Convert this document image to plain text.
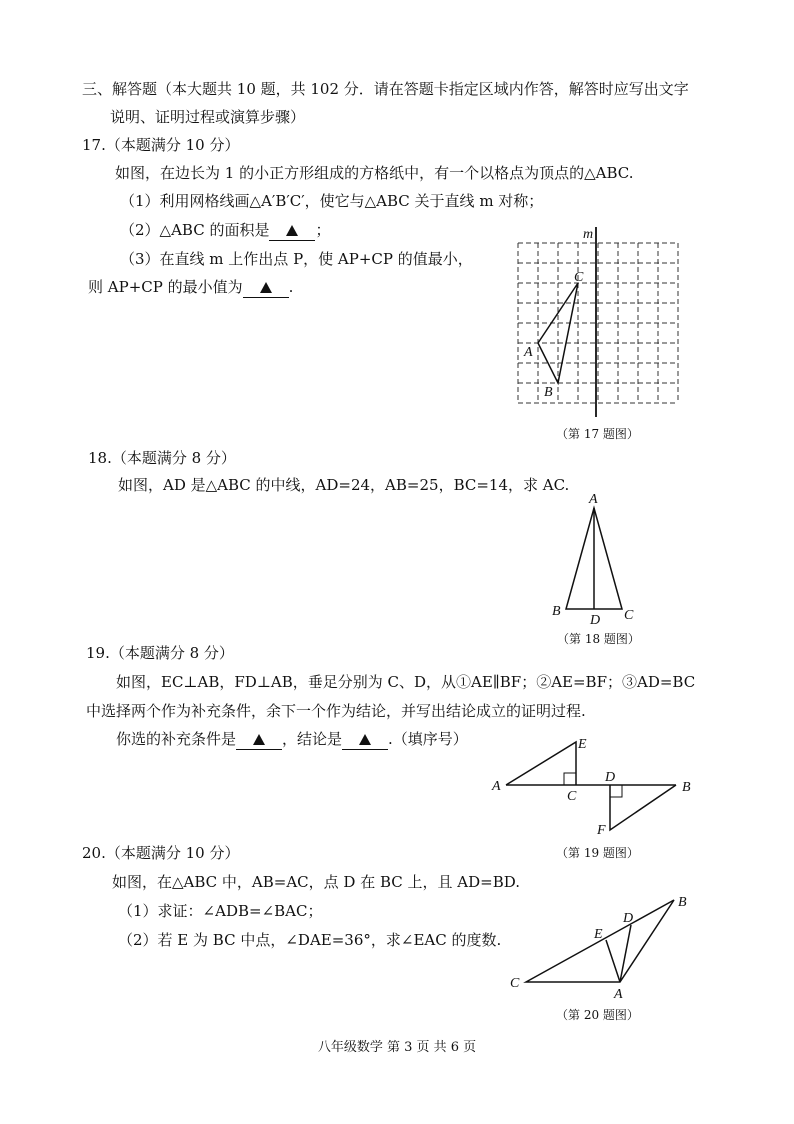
三、解答题（本大题共 10 题，共 102 分．请在答题卡指定区域内作答，解答时应写出文字
说明、证明过程或演算步骤）
17.（本题满分 10 分）
如图，在边长为 1 的小正方形组成的方格纸中，有一个以格点为顶点的△ABC.
（1）利用网格线画△A′B′C′，使它与△ABC 关于直线 m 对称；
（2）△ABC 的面积是	；
（3）在直线 m 上作出点 P，使 AP+CP 的值最小，
则 AP+CP 的最小值为	.
m
C
A
B
（第 17 题图）
18.（本题满分 8 分）
如图，AD 是△ABC 的中线，AD=24，AB=25，BC=14，求 AC.
A
B
D C
（第 18 题图）
19.（本题满分 8 分）
如图，EC⊥AB，FD⊥AB，垂足分别为 C、D，从①AE∥BF；②AE=BF；③AD=BC
中选择两个作为补充条件，余下一个作为结论，并写出结论成立的证明过程.
你选的补充条件是	，结论是	.（填序号）
A
E
C
D
B
F
（第 19 题图）
20.（本题满分 10 分）
如图，在△ABC 中，AB=AC，点 D 在 BC 上，且 AD=BD.
（1）求证：∠ADB=∠BAC；
（2）若 E 为 BC 中点，∠DAE=36°，求∠EAC 的度数.
C
B
D
E
A
（第 20 题图）
八年级数学 第 3 页 共 6 页
